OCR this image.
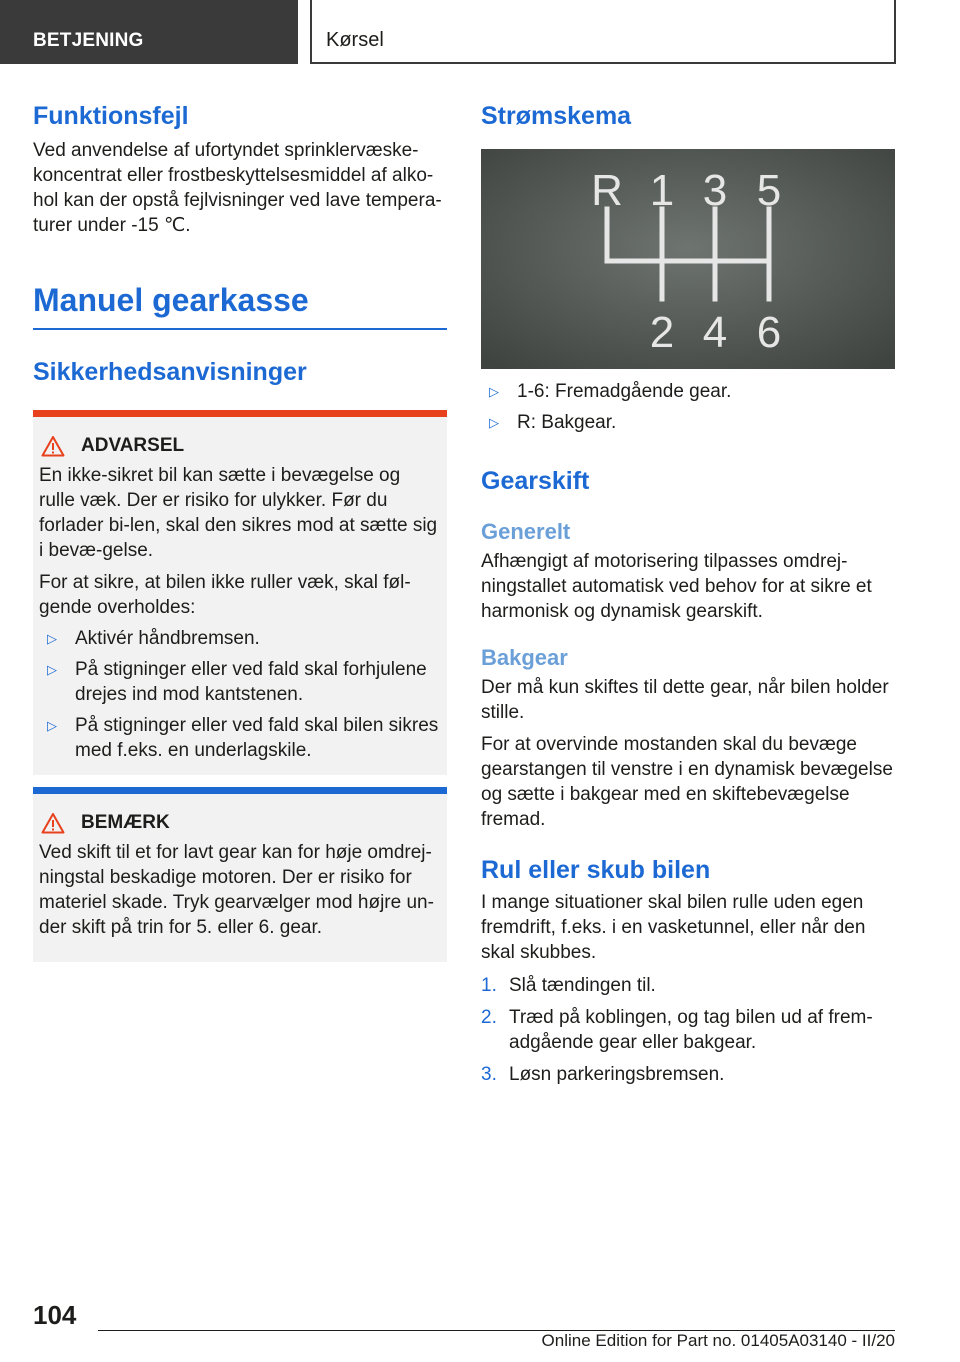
BETJENING	Kørsel
Funktionsfejl

Ved anvendelse af ufortyndet sprinklervæske-koncentrat eller frostbeskyttelsesmiddel af alko-hol kan der opstå fejlvisninger ved lave tempera-turer under -15 ℃.

Manuel gearkasse
Sikkerhedsanvisninger
ADVARSEL

En ikke-sikret bil kan sætte i bevægelse og rulle væk. Der er risiko for ulykker. Før du forlader bi-len, skal den sikres mod at sætte sig i bevæ-gelse.

For at sikre, at bilen ikke ruller væk, skal føl-gende overholdes:

▷ Aktivér håndbremsen.
▷ På stigninger eller ved fald skal forhjulene drejes ind mod kantstenen.
▷ På stigninger eller ved fald skal bilen sikres med f.eks. en underlagskile.
BEMÆRK

Ved skift til et for lavt gear kan for høje omdrej-ningstal beskadige motoren. Der er risiko for materiel skade. Tryk gearvælger mod højre un-der skift på trin for 5. eller 6. gear.

Strømskema
R 1 3 5
2 4 6
▷ 1-6: Fremadgående gear.
▷ R: Bakgear.
Gearskift
Generelt

Afhængigt af motorisering tilpasses omdrej-ningstallet automatisk ved behov for at sikre et harmonisk og dynamisk gearskift.

Bakgear

Der må kun skiftes til dette gear, når bilen holder stille.

For at overvinde mostanden skal du bevæge gearstangen til venstre i en dynamisk bevægelse og sætte i bakgear med en skiftebevægelse fremad.

Rul eller skub bilen

I mange situationer skal bilen rulle uden egen fremdrift, f.eks. i en vasketunnel, eller når den skal skubbes.

1. Slå tændingen til.
2. Træd på koblingen, og tag bilen ud af frem-adgående gear eller bakgear.
3. Løsn parkeringsbremsen.
104
Online Edition for Part no. 01405A03140 - II/20
